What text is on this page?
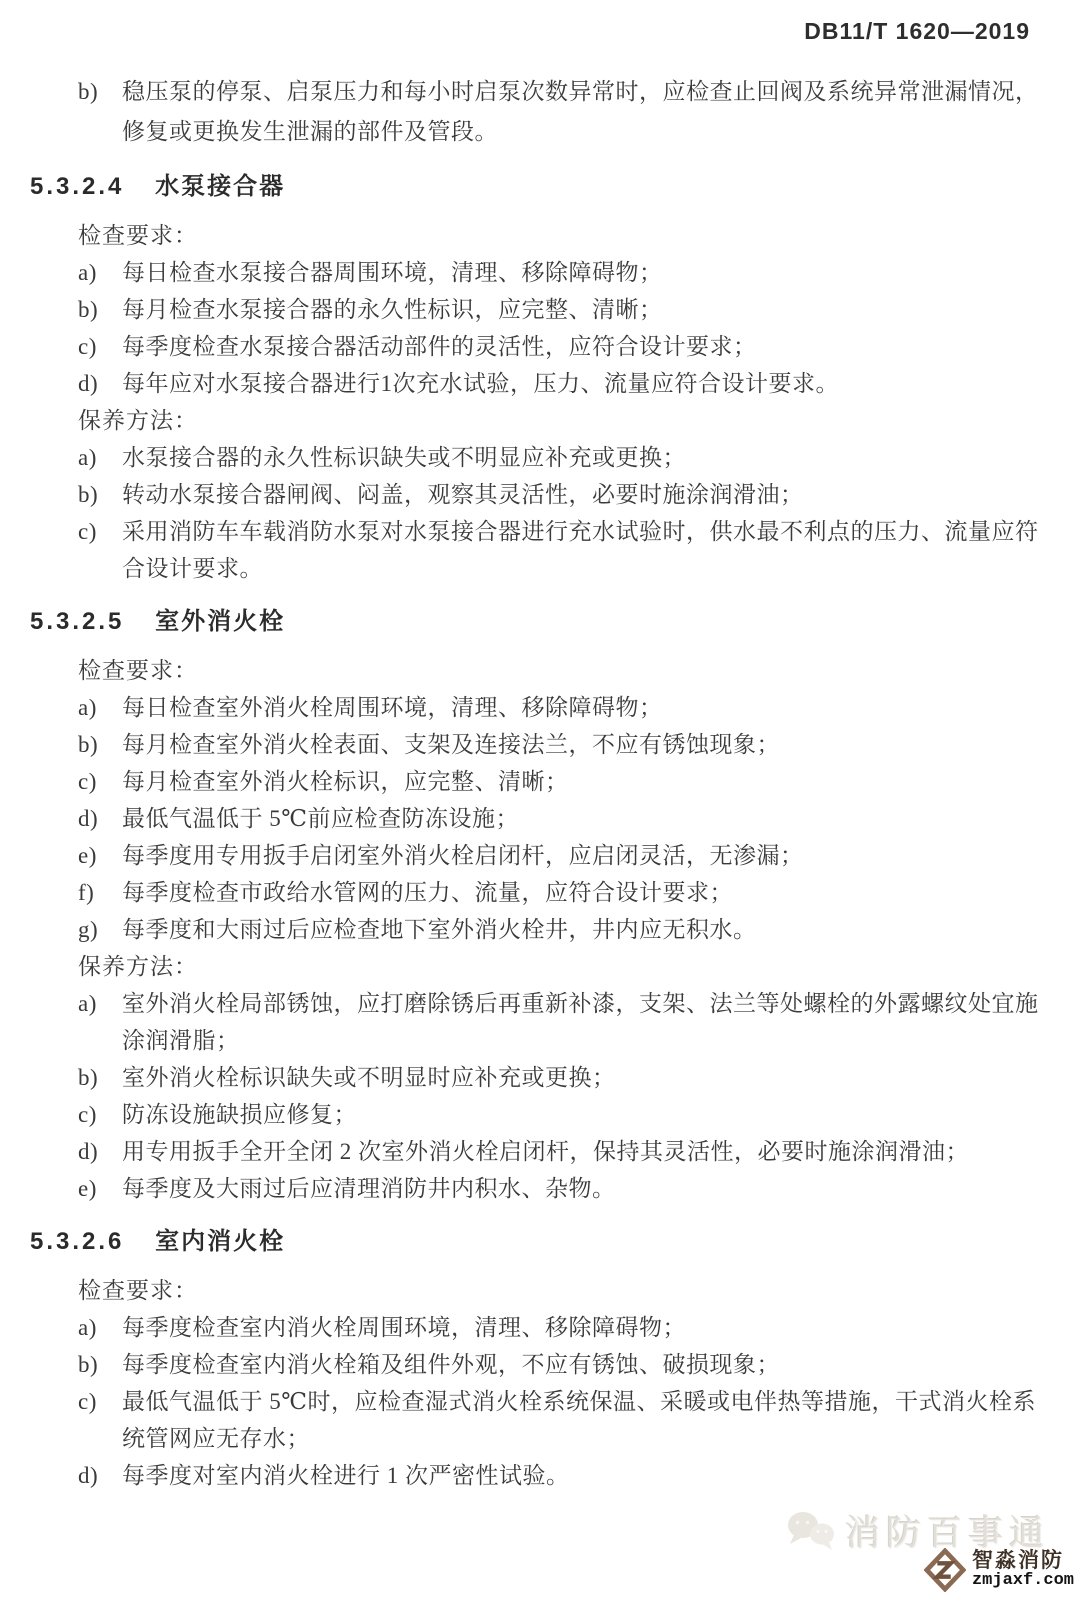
DB11/T 1620—2019
b)	稳压泵的停泵、启泵压力和每小时启泵次数异常时，应检查止回阀及系统异常泄漏情况，修复或更换发生泄漏的部件及管段。
5.3.2.4 水泵接合器
检查要求：
a)	每日检查水泵接合器周围环境，清理、移除障碍物；
b)	每月检查水泵接合器的永久性标识，应完整、清晰；
c)	每季度检查水泵接合器活动部件的灵活性，应符合设计要求；
d)	每年应对水泵接合器进行1次充水试验，压力、流量应符合设计要求。
保养方法：
a)	水泵接合器的永久性标识缺失或不明显应补充或更换；
b)	转动水泵接合器闸阀、闷盖，观察其灵活性，必要时施涂润滑油；
c)	采用消防车车载消防水泵对水泵接合器进行充水试验时，供水最不利点的压力、流量应符合设计要求。
5.3.2.5 室外消火栓
检查要求：
a)	每日检查室外消火栓周围环境，清理、移除障碍物；
b)	每月检查室外消火栓表面、支架及连接法兰，不应有锈蚀现象；
c)	每月检查室外消火栓标识，应完整、清晰；
d)	最低气温低于 5℃前应检查防冻设施；
e)	每季度用专用扳手启闭室外消火栓启闭杆，应启闭灵活，无渗漏；
f)	每季度检查市政给水管网的压力、流量，应符合设计要求；
g)	每季度和大雨过后应检查地下室外消火栓井，井内应无积水。
保养方法：
a)	室外消火栓局部锈蚀，应打磨除锈后再重新补漆，支架、法兰等处螺栓的外露螺纹处宜施涂润滑脂；
b)	室外消火栓标识缺失或不明显时应补充或更换；
c)	防冻设施缺损应修复；
d)	用专用扳手全开全闭 2 次室外消火栓启闭杆，保持其灵活性，必要时施涂润滑油；
e)	每季度及大雨过后应清理消防井内积水、杂物。
5.3.2.6 室内消火栓
检查要求：
a)	每季度检查室内消火栓周围环境，清理、移除障碍物；
b)	每季度检查室内消火栓箱及组件外观，不应有锈蚀、破损现象；
c)	最低气温低于 5℃时，应检查湿式消火栓系统保温、采暖或电伴热等措施，干式消火栓系统管网应无存水；
d)	每季度对室内消火栓进行 1 次严密性试验。
消防百事通
智淼消防
zmjaxf.com
